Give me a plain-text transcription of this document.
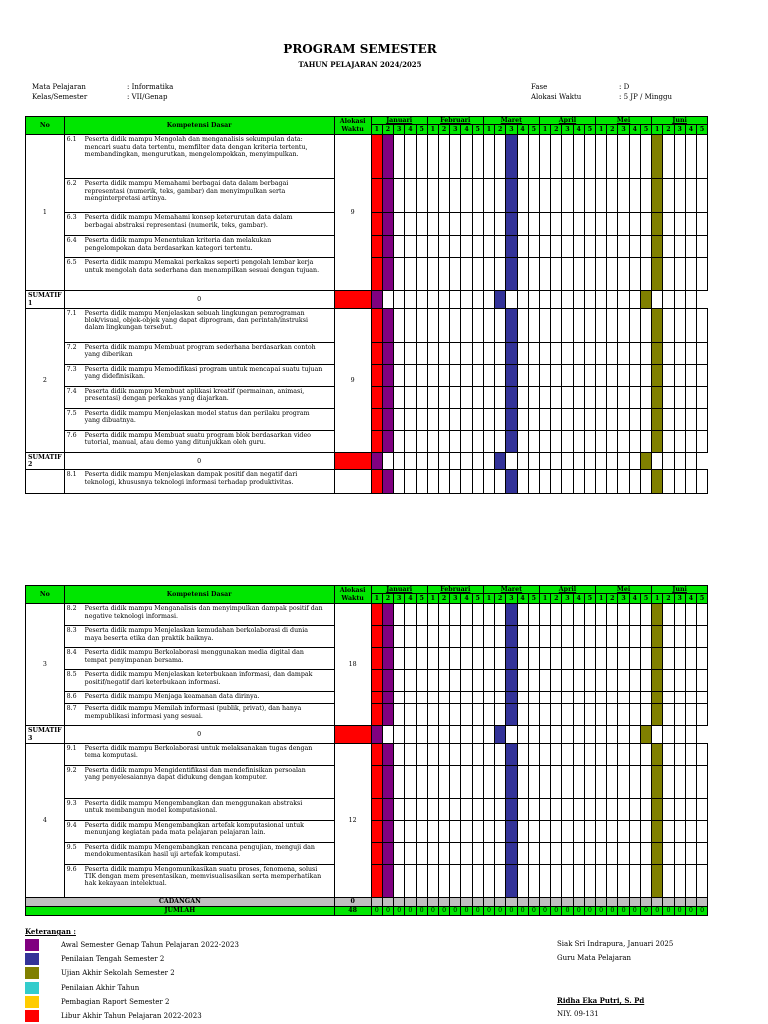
PROGRAM SEMESTER
TAHUN PELAJARAN 2024/2025
Mata Pelajaran	: Informatika
Kelas/Semester	: VII/Genap
Fase	: D
Alokasi Waktu	: 5 JP / Minggu
No	Kompetensi Dasar	Alokasi Waktu	Januari					Februari					Maret					April					Mei					Juni				
			1	2	3	4	5	1	2	3	4	5	1	2	3	4	5	1	2	3	4	5	1	2	3	4	5	1	2	3	4	5
1	6.1 Peserta didik mampu Mengolah dan menganalisis sekumpulan data: mencari suatu data tertentu, memfilter data dengan kriteria tertentu, membandingkan, mengurutkan, mengelompokkan, menyimpulkan.	9																														
	6.2 Peserta didik mampu Memahami berbagai data dalam berbagai representasi (numerik, teks, gambar) dan menyimpulkan serta menginterpretasi artinya.																															
	6.3 Peserta didik mampu Memahami konsep keterurutan data dalam berbagai abstraksi representasi (numerik, teks, gambar).																															
	6.4 Peserta didik mampu Menentukan kriteria dan melakukan pengelompokan data berdasarkan kategori tertentu.																															
	6.5 Peserta didik mampu Memakai perkakas seperti pengolah lembar kerja untuk mengolah data sederhana dan menampilkan sesuai dengan tujuan.																															
SUMATIF 1	0																															
2	7.1 Peserta didik mampu Menjelaskan sebuah lingkungan pemrograman blok/visual, objek-objek yang dapat diprogram, dan perintah/instruksi dalam lingkungan tersebut.	9																														
	7.2 Peserta didik mampu Membuat program sederhana berdasarkan contoh yang diberikan																															
	7.3 Peserta didik mampu Memodifikasi program untuk mencapai suatu tujuan yang didefinisikan.																															
	7.4 Peserta didik mampu Membuat aplikasi kreatif (permainan, animasi, presentasi) dengan perkakas yang diajarkan.																															
	7.5 Peserta didik mampu Menjelaskan model status dan perilaku program yang dibuatnya.																															
	7.6 Peserta didik mampu Membuat suatu program blok berdasarkan video tutorial, manual, atau demo yang ditunjukkan oleh guru.																															
SUMATIF 2	0																															
	8.1 Peserta didik mampu Menjelaskan dampak positif dan negatif dari teknologi, khususnya teknologi informasi terhadap produktivitas.																															
No	Kompetensi Dasar	Alokasi Waktu	Januari					Februari					Maret					April					Mei					Juni				
			1	2	3	4	5	1	2	3	4	5	1	2	3	4	5	1	2	3	4	5	1	2	3	4	5	1	2	3	4	5
3	8.2 Peserta didik mampu Menganalisis dan menyimpulkan dampak positif dan negative teknologi informasi.	18																														
	8.3 Peserta didik mampu Menjelaskan kemudahan berkolaborasi di dunia maya beserta etika dan praktik baiknya.																															
	8.4 Peserta didik mampu Berkolaborasi menggunakan media digital dan tempat penyimpanan bersama.																															
	8.5 Peserta didik mampu Menjelaskan keterbukaan informasi, dan dampak positif/negatif dari keterbukaan informasi.																															
	8.6 Peserta didik mampu Menjaga keamanan data dirinya.																															
	8.7 Peserta didik mampu Memilah informasi (publik, privat), dan hanya mempublikasi informasi yang sesuai.																															
SUMATIF 3	0																															
4	9.1 Peserta didik mampu Berkolaborasi untuk melaksanakan tugas dengan tema komputasi.	12																														
	9.2 Peserta didik mampu Mengidentifikasi dan mendefinisikan persoalan yang penyelesaiannya dapat didukung dengan komputer.																															
	9.3 Peserta didik mampu Mengembangkan dan menggunakan abstraksi untuk membangun model komputasional.																															
	9.4 Peserta didik mampu Mengembangkan artefak komputasional untuk menunjang kegiatan pada mata pelajaran pelajaran lain.																															
	9.5 Peserta didik mampu Mengembangkan rencana pengujian, menguji dan mendokumentasikan hasil uji artefak komputasi.																															
	9.6 Peserta didik mampu Mengomunikasikan suatu proses, fenomena, solusi TIK dengan mem presentasikan, memvisualisasikan serta memperhatikan hak kekayaan intelektual.																															
CADANGAN		0																														
JUMLAH		48	0	0	0	0	0	0	0	0	0	0	0	0	0	0	0	0	0	0	0	0	0	0	0	0	0	0	0	0	0	0
Keterangan :
Awal Semester Genap Tahun Pelajaran 2022-2023
Penilaian Tengah Semester 2
Ujian Akhir Sekolah Semester 2
Penilaian Akhir Tahun
Pembagian Raport Semester 2
Libur Akhir Tahun Pelajaran 2022-2023
Siak Sri Indrapura, Januari 2025
Guru Mata Pelajaran
Ridha Eka Putri, S. Pd
NIY. 09-131
